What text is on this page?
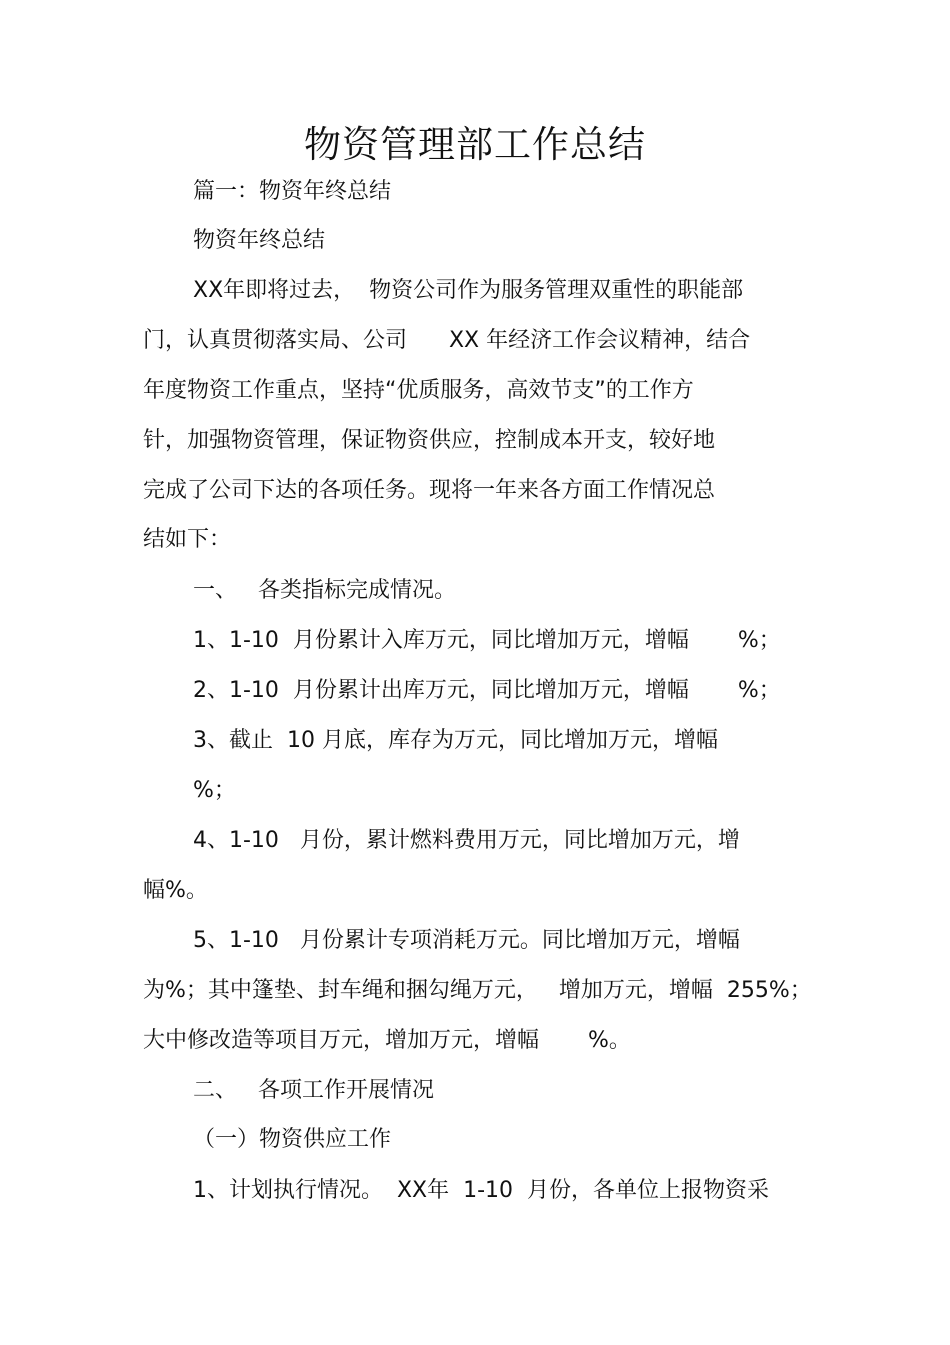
物资管理部工作总结
篇一：物资年终总结
物资年终总结
XX年即将过去，  物资公司作为服务管理双重性的职能部
门，认真贯彻落实局、公司      XX 年经济工作会议精神，结合
年度物资工作重点，坚持“优质服务，高效节支”的工作方
针，加强物资管理，保证物资供应，控制成本开支，较好地
完成了公司下达的各项任务。现将一年来各方面工作情况总
结如下：
一、   各类指标完成情况。
1、1-10  月份累计入库万元，同比增加万元，增幅       %；
2、1-10  月份累计出库万元，同比增加万元，增幅       %；
3、截止  10 月底，库存为万元，同比增加万元，增幅
%；
4、1-10   月份，累计燃料费用万元，同比增加万元，增
幅%。
5、1-10   月份累计专项消耗万元。同比增加万元，增幅
为%；其中篷垫、封车绳和捆勾绳万元，   增加万元，增幅  255%；
大中修改造等项目万元，增加万元，增幅       %。
二、   各项工作开展情况
（一）物资供应工作
1、计划执行情况。  XX年  1-10  月份，各单位上报物资采
